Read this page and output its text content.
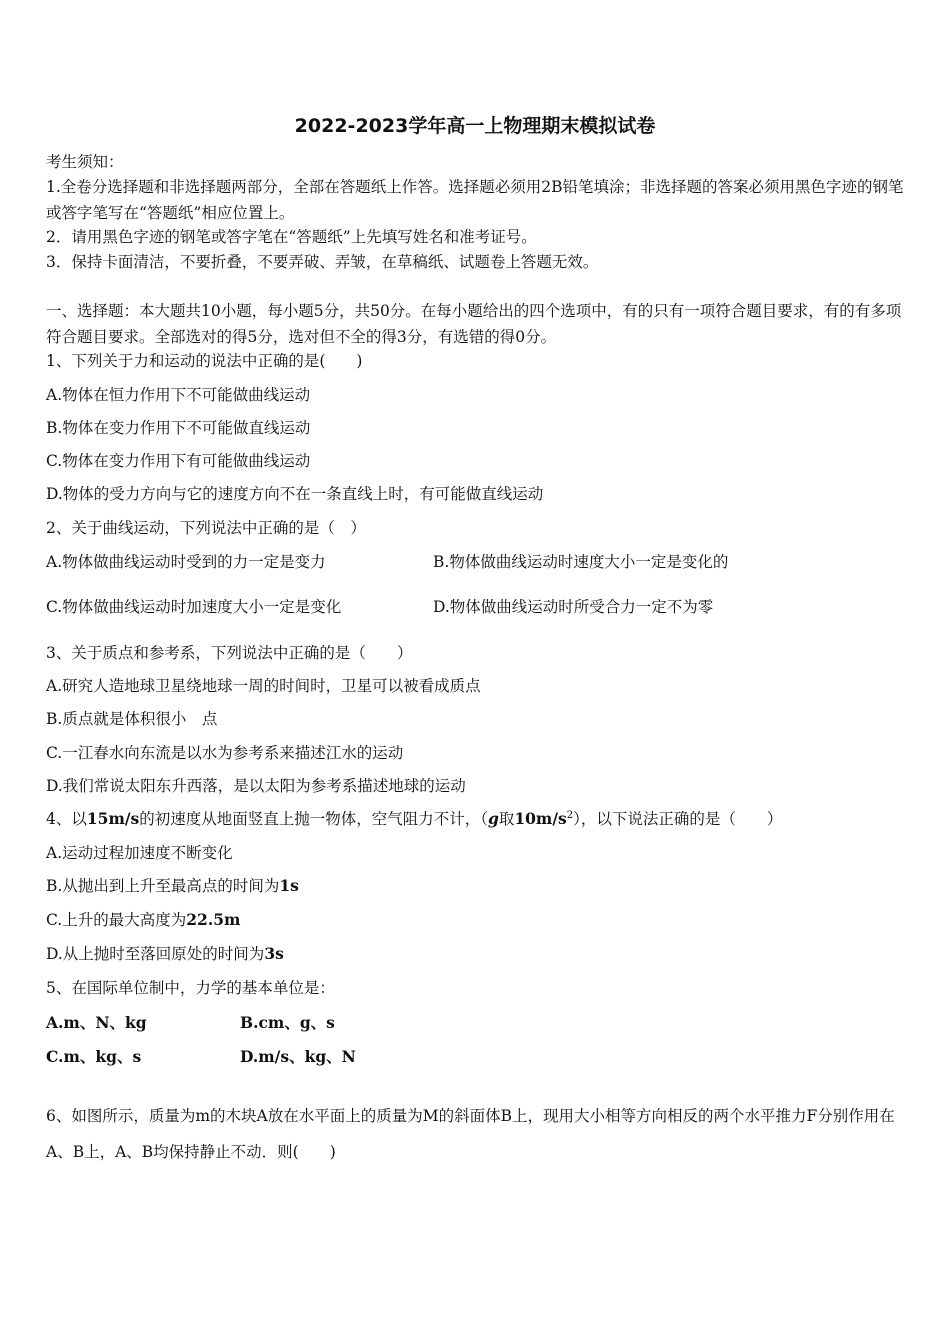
2022-2023学年高一上物理期末模拟试卷
考生须知：
1.全卷分选择题和非选择题两部分，全部在答题纸上作答。选择题必须用2B铅笔填涂；非选择题的答案必须用黑色字迹的钢笔或答字笔写在“答题纸”相应位置上。
2．请用黑色字迹的钢笔或答字笔在“答题纸”上先填写姓名和准考证号。
3．保持卡面清洁，不要折叠，不要弄破、弄皱，在草稿纸、试题卷上答题无效。
一、选择题：本大题共10小题，每小题5分，共50分。在每小题给出的四个选项中，有的只有一项符合题目要求，有的有多项符合题目要求。全部选对的得5分，选对但不全的得3分，有选错的得0分。
1、下列关于力和运动的说法中正确的是(　　)
A.物体在恒力作用下不可能做曲线运动
B.物体在变力作用下不可能做直线运动
C.物体在变力作用下有可能做曲线运动
D.物体的受力方向与它的速度方向不在一条直线上时，有可能做直线运动
2、关于曲线运动，下列说法中正确的是（　）
A.物体做曲线运动时受到的力一定是变力	B.物体做曲线运动时速度大小一定是变化的
C.物体做曲线运动时加速度大小一定是变化	D.物体做曲线运动时所受合力一定不为零
3、关于质点和参考系，下列说法中正确的是（　　）
A.研究人造地球卫星绕地球一周的时间时，卫星可以被看成质点
B.质点就是体积很小　点
C.一江春水向东流是以水为参考系来描述江水的运动
D.我们常说太阳东升西落，是以太阳为参考系描述地球的运动
4、以15m/s的初速度从地面竖直上抛一物体，空气阻力不计，（g取$10m/s^2$），以下说法正确的是（　　）
A.运动过程加速度不断变化
B.从抛出到上升至最高点的时间为1s
C.上升的最大高度为22.5m
D.从上抛时至落回原处的时间为3s
5、在国际单位制中，力学的基本单位是：
A.m、N、kg	B.cm、g、s
C.m、kg、s	D.m/s、kg、N
6、如图所示，质量为m的木块A放在水平面上的质量为M的斜面体B上，现用大小相等方向相反的两个水平推力F分别作用在A、B上，A、B均保持静止不动．则(　　)
